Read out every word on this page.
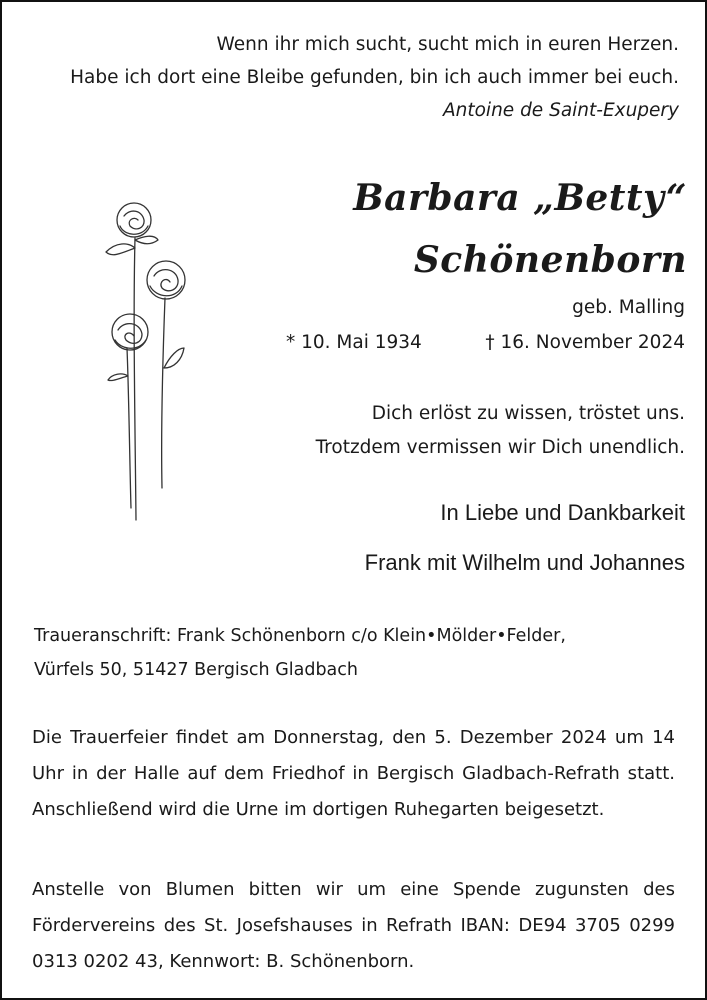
Wenn ihr mich sucht, sucht mich in euren Herzen.
Habe ich dort eine Bleibe gefunden, bin ich auch immer bei euch.
Antoine de Saint-Exupery
Barbara „Betty“
Schönenborn
geb. Malling
* 10. Mai 1934	† 16. November 2024
Dich erlöst zu wissen, tröstet uns.
Trotzdem vermissen wir Dich unendlich.
In Liebe und Dankbarkeit
Frank mit Wilhelm und Johannes
Traueranschrift: Frank Schönenborn c/o Klein•Mölder•Felder,
Vürfels 50, 51427 Bergisch Gladbach
Die Trauerfeier findet am Donnerstag, den 5. Dezember 2024 um 14 Uhr in der Halle auf dem Friedhof in Bergisch Gladbach-Refrath statt. Anschließend wird die Urne im dortigen Ruhegarten beigesetzt.
Anstelle von Blumen bitten wir um eine Spende zugunsten des Fördervereins des St. Josefshauses in Refrath IBAN: DE94 3705 0299 0313 0202 43, Kennwort: B. Schönenborn.
